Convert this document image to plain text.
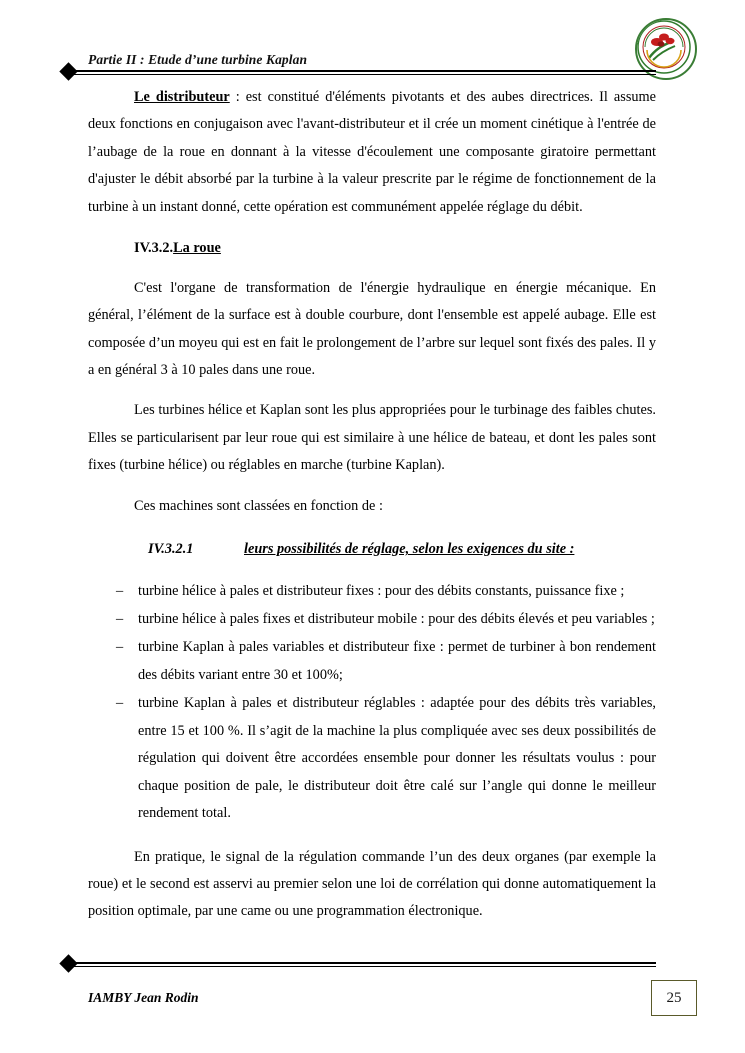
Partie II : Etude d’une turbine Kaplan

Le distributeur : est constitué d'éléments pivotants et des aubes directrices. Il assume deux fonctions en conjugaison avec l'avant-distributeur et il crée un moment cinétique à l'entrée de l’aubage de la roue en donnant à la vitesse d'écoulement une composante giratoire permettant d'ajuster le débit absorbé par la turbine à la valeur prescrite par le régime de fonctionnement de la turbine à un instant donné, cette opération est communément appelée réglage du débit.

IV.3.2.La roue

C'est l'organe de transformation de l'énergie hydraulique en énergie mécanique. En général, l’élément de la surface est à double courbure, dont l'ensemble est appelé aubage. Elle est composée d’un moyeu qui est en fait le prolongement de l’arbre sur lequel sont fixés des pales. Il y a en général 3 à 10 pales dans une roue.

Les turbines hélice et Kaplan sont les plus appropriées pour le turbinage des faibles chutes. Elles se particularisent par leur roue qui est similaire à une hélice de bateau, et dont les pales sont fixes (turbine hélice) ou réglables en marche (turbine Kaplan).

Ces machines sont classées en fonction de :

IV.3.2.1	leurs possibilités de réglage, selon les exigences du site :
– turbine hélice à pales et distributeur fixes : pour des débits constants, puissance fixe ;
– turbine hélice à pales fixes et distributeur mobile : pour des débits élevés et peu variables ;
– turbine Kaplan à pales variables et distributeur fixe : permet de turbiner à bon rendement des débits variant entre 30 et 100%;
– turbine Kaplan à pales et distributeur réglables : adaptée pour des débits très variables, entre 15 et 100 %. Il s’agit de la machine la plus compliquée avec ses deux possibilités de régulation qui doivent être accordées ensemble pour donner les résultats voulus : pour chaque position de pale, le distributeur doit être calé sur l’angle qui donne le meilleur rendement total.

En pratique, le signal de la régulation commande l’un des deux organes (par exemple la roue) et le second est asservi au premier selon une loi de corrélation qui donne automatiquement la position optimale, par une came ou une programmation électronique.

IAMBY Jean Rodin	25
